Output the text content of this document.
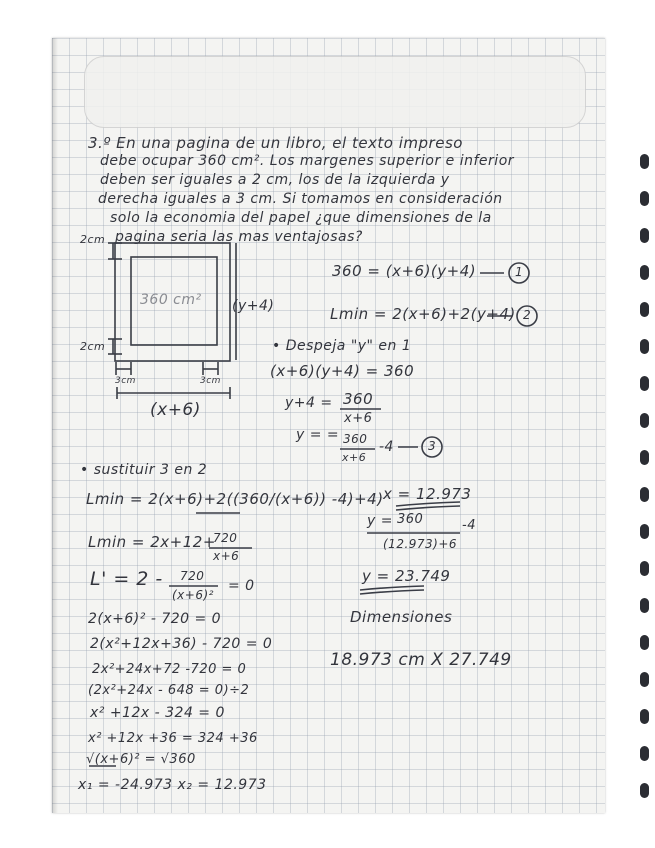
3.º En una pagina de un libro, el texto impreso
debe ocupar 360 cm². Los margenes superior e inferior
deben ser iguales a 2 cm, los de la izquierda y
derecha iguales a 3 cm. Si tomamos en consideración
solo la economia del papel ¿que dimensiones de la
pagina seria las mas ventajosas?
2cm
2cm
3cm	3cm
360 cm² (y+4)
(x+6)
360 = (x+6)(y+4)	1
Lmin = 2(x+6)+2(y+4) 2
• Despeja "y" en 1
(x+6)(y+4) = 360
y+4 = 360
x+6
y = = 360
x+6
-4	3
• sustituir 3 en 2
Lmin = 2(x+6)+2((360/(x+6)) -4)+4)
Lmin = 2x+12+
720
x+6
L' = 2 - 720
(x+6)²
= 0
2(x+6)² - 720 = 0
2(x²+12x+36) - 720 = 0
2x²+24x+72 -720 = 0
(2x²+24x - 648 = 0)÷2
x² +12x - 324 = 0
x² +12x +36 = 324 +36
√(x+6)² = √360
x₁ = -24.973 x₂ = 12.973
x = 12.973
y = 360
(12.973)+6
-4
y = 23.749
Dimensiones
18.973 cm X 27.749
